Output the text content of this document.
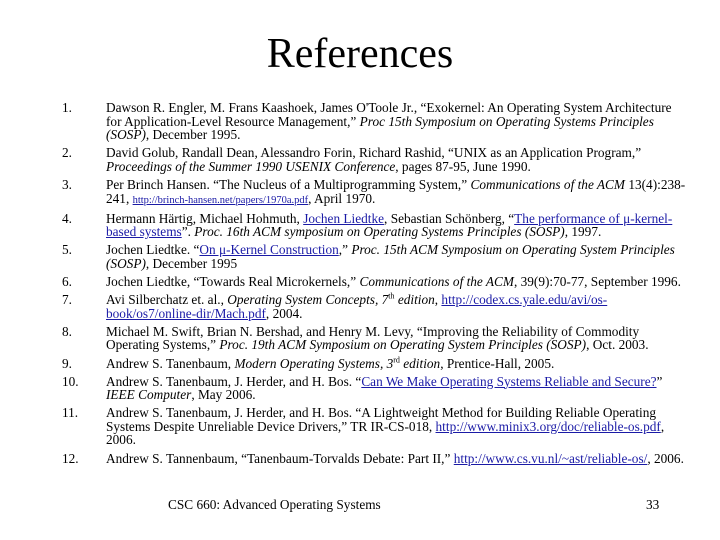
References
1.	Dawson R. Engler, M. Frans Kaashoek, James O'Toole Jr., “Exokernel: An Operating System Architecture for Application-Level Resource Management,” Proc 15th Symposium on Operating Systems Principles (SOSP), December 1995.
2.	David Golub, Randall Dean, Alessandro Forin, Richard Rashid, “UNIX as an Application Program,” Proceedings of the Summer 1990 USENIX Conference, pages 87-95, June 1990.
3.	Per Brinch Hansen. “The Nucleus of a Multiprogramming System,” Communications of the ACM 13(4):238-241, http://brinch-hansen.net/papers/1970a.pdf, April 1970.
4.	Hermann Härtig, Michael Hohmuth, Jochen Liedtke, Sebastian Schönberg, “The performance of μ-kernel-based systems”. Proc. 16th ACM symposium on Operating Systems Principles (SOSP), 1997.
5.	Jochen Liedtke. “On μ-Kernel Construction,” Proc. 15th ACM Symposium on Operating System Principles (SOSP), December 1995
6.	Jochen Liedtke, “Towards Real Microkernels,” Communications of the ACM, 39(9):70-77, September 1996.
7.	Avi Silberchatz et. al., Operating System Concepts, 7th edition, http://codex.cs.yale.edu/avi/os-book/os7/online-dir/Mach.pdf, 2004.
8.	Michael M. Swift, Brian N. Bershad, and Henry M. Levy, “Improving the Reliability of Commodity Operating Systems,” Proc. 19th ACM Symposium on Operating System Principles (SOSP), Oct. 2003.
9.	Andrew S. Tanenbaum, Modern Operating Systems, 3rd edition, Prentice-Hall, 2005.
10. Andrew S. Tanenbaum, J. Herder, and H. Bos. “Can We Make Operating Systems Reliable and Secure?” IEEE Computer, May 2006.
11. Andrew S. Tanenbaum, J. Herder, and H. Bos. “A Lightweight Method for Building Reliable Operating Systems Despite Unreliable Device Drivers,” TR IR-CS-018, http://www.minix3.org/doc/reliable-os.pdf, 2006.
12. Andrew S. Tannenbaum, “Tanenbaum-Torvalds Debate: Part II,” http://www.cs.vu.nl/~ast/reliable-os/, 2006.
CSC 660: Advanced Operating Systems	33
